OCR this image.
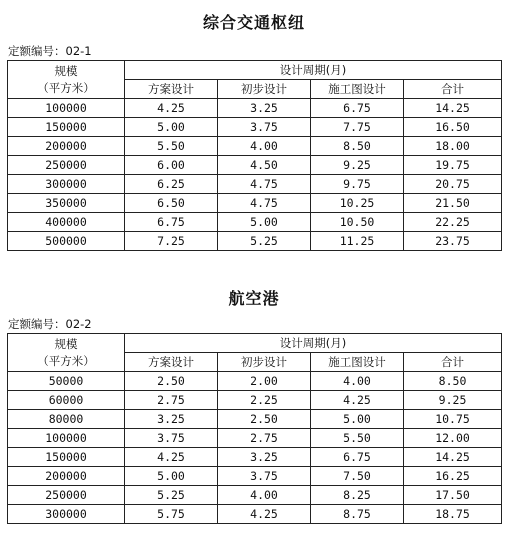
综合交通枢纽
定额编号：02-1
规模
（平方米）	设计周期(月)			
	方案设计	初步设计	施工图设计	合计
100000	4.25	3.25	6.75	14.25
150000	5.00	3.75	7.75	16.50
200000	5.50	4.00	8.50	18.00
250000	6.00	4.50	9.25	19.75
300000	6.25	4.75	9.75	20.75
350000	6.50	4.75	10.25	21.50
400000	6.75	5.00	10.50	22.25
500000	7.25	5.25	11.25	23.75
航空港
定额编号：02-2
规模
（平方米）	设计周期(月)			
	方案设计	初步设计	施工图设计	合计
50000	2.50	2.00	4.00	8.50
60000	2.75	2.25	4.25	9.25
80000	3.25	2.50	5.00	10.75
100000	3.75	2.75	5.50	12.00
150000	4.25	3.25	6.75	14.25
200000	5.00	3.75	7.50	16.25
250000	5.25	4.00	8.25	17.50
300000	5.75	4.25	8.75	18.75
